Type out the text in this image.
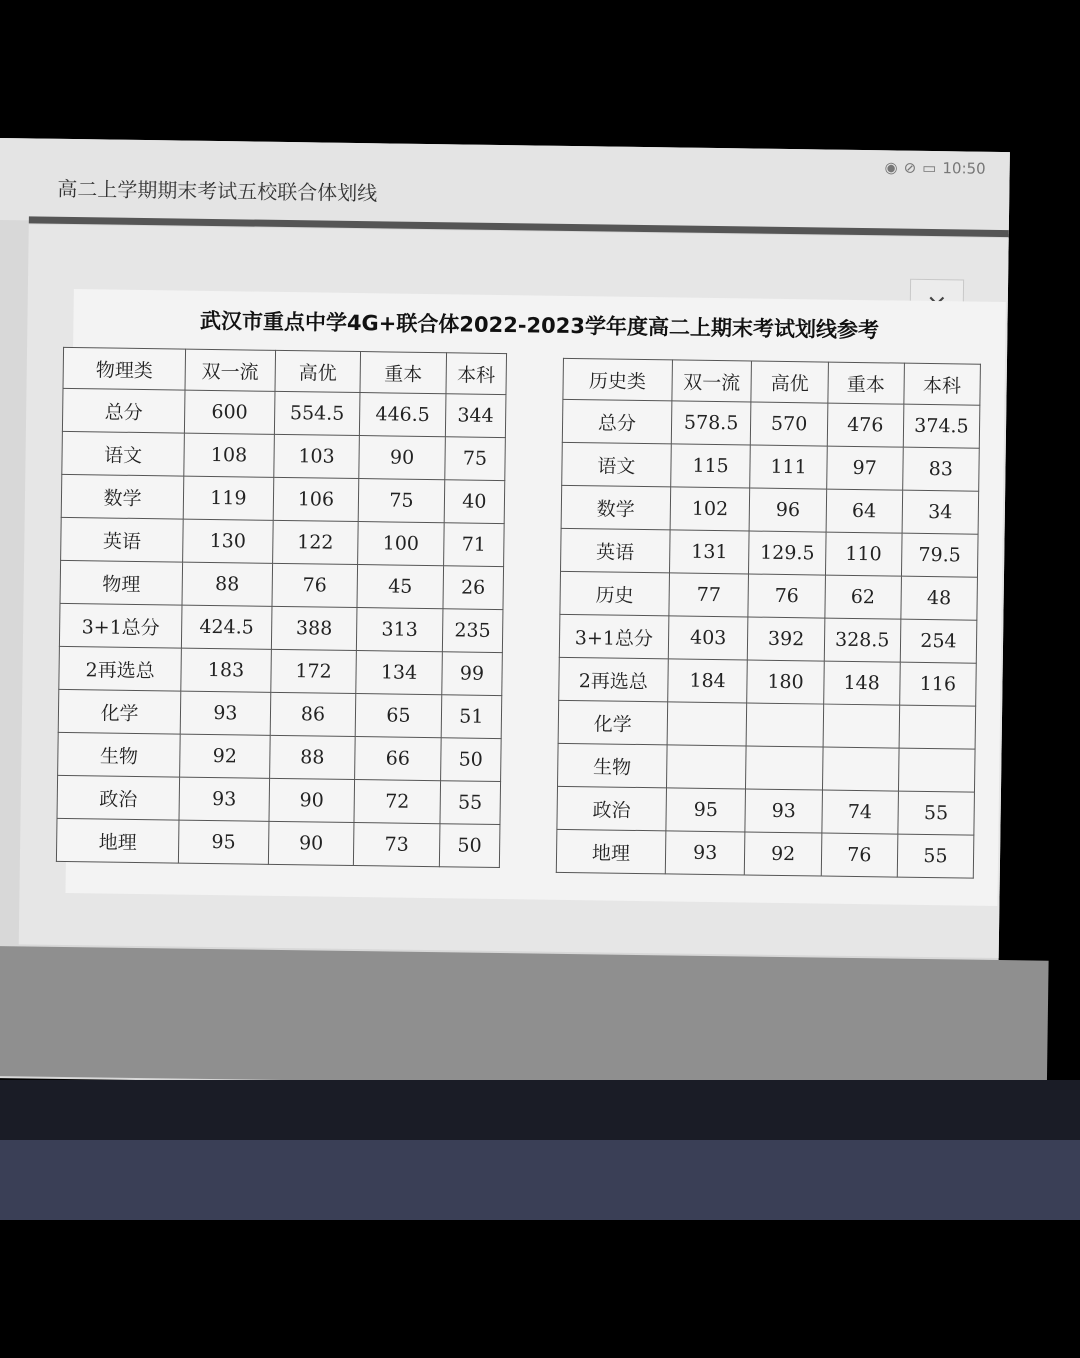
◉ ⊘ ▭ 10:50
高二上学期期末考试五校联合体划线
武汉市重点中学4G+联合体2022-2023学年度高二上期末考试划线参考
物理类	双一流	高优	重本	本科
总分	600	554.5	446.5	344
语文	108	103	90	75
数学	119	106	75	40
英语	130	122	100	71
物理	88	76	45	26
3+1总分	424.5	388	313	235
2再选总	183	172	134	99
化学	93	86	65	51
生物	92	88	66	50
政治	93	90	72	55
地理	95	90	73	50
历史类	双一流	高优	重本	本科
总分	578.5	570	476	374.5
语文	115	111	97	83
数学	102	96	64	34
英语	131	129.5	110	79.5
历史	77	76	62	48
3+1总分	403	392	328.5	254
2再选总	184	180	148	116
化学				
生物				
政治	95	93	74	55
地理	93	92	76	55
